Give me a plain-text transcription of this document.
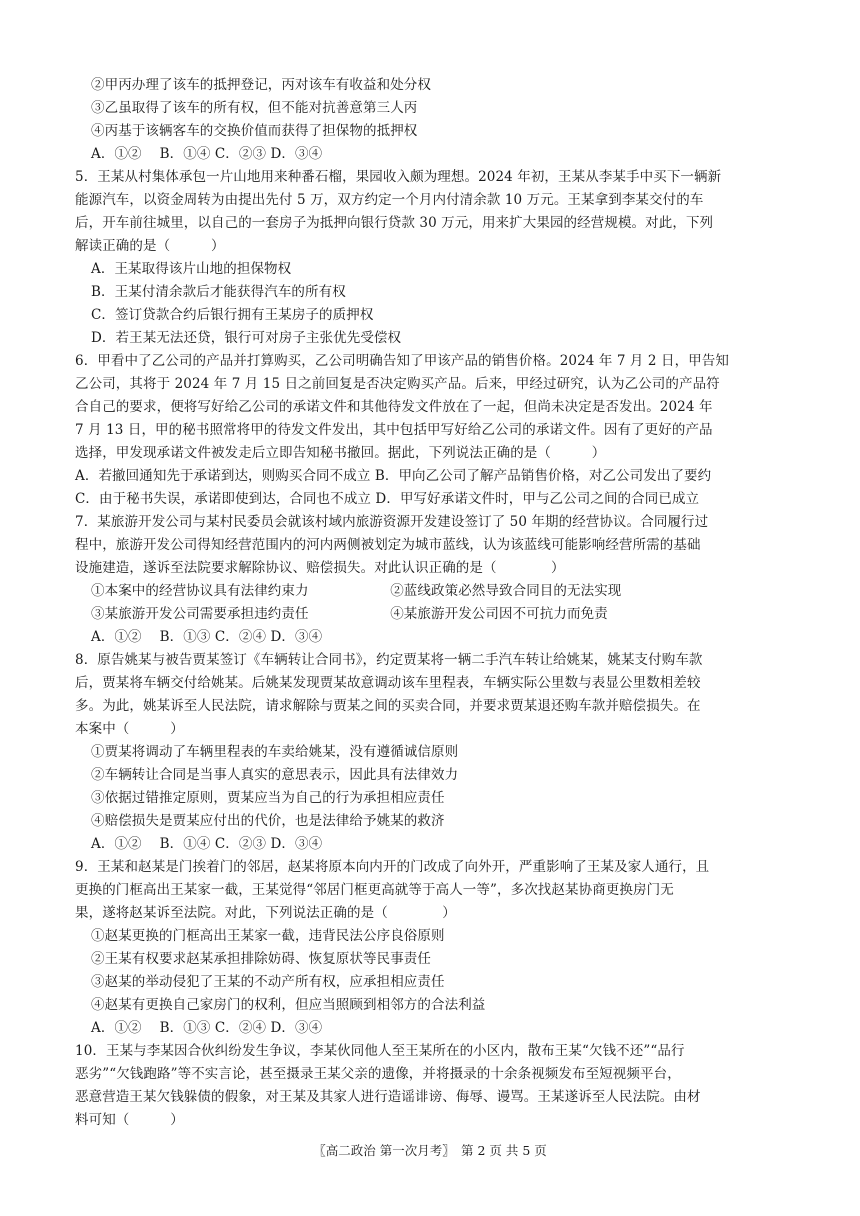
②甲丙办理了该车的抵押登记，丙对该车有收益和处分权
③乙虽取得了该车的所有权，但不能对抗善意第三人丙
④丙基于该辆客车的交换价值而获得了担保物的抵押权
A．①②　 B．①④ C．②③ D．③④
5．王某从村集体承包一片山地用来种番石榴，果园收入颇为理想。2024 年初，王某从李某手中买下一辆新
能源汽车，以资金周转为由提出先付 5 万，双方约定一个月内付清余款 10 万元。王某拿到李某交付的车
后，开车前往城里，以自己的一套房子为抵押向银行贷款 30 万元，用来扩大果园的经营规模。对此，下列
解读正确的是（　　　）
A．王某取得该片山地的担保物权
B．王某付清余款后才能获得汽车的所有权
C．签订贷款合约后银行拥有王某房子的质押权
D．若王某无法还贷，银行可对房子主张优先受偿权
6．甲看中了乙公司的产品并打算购买，乙公司明确告知了甲该产品的销售价格。2024 年 7 月 2 日，甲告知
乙公司，其将于 2024 年 7 月 15 日之前回复是否决定购买产品。后来，甲经过研究，认为乙公司的产品符
合自己的要求，便将写好给乙公司的承诺文件和其他待发文件放在了一起，但尚未决定是否发出。2024 年
7 月 13 日，甲的秘书照常将甲的待发文件发出，其中包括甲写好给乙公司的承诺文件。因有了更好的产品
选择，甲发现承诺文件被发走后立即告知秘书撤回。据此，下列说法正确的是（　　　）
A．若撤回通知先于承诺到达，则购买合同不成立 B．甲向乙公司了解产品销售价格，对乙公司发出了要约
C．由于秘书失误，承诺即使到达，合同也不成立 D．甲写好承诺文件时，甲与乙公司之间的合同已成立
7．某旅游开发公司与某村民委员会就该村域内旅游资源开发建设签订了 50 年期的经营协议。合同履行过
程中，旅游开发公司得知经营范围内的河内两侧被划定为城市蓝线，认为该蓝线可能影响经营所需的基础
设施建造，遂诉至法院要求解除协议、赔偿损失。对此认识正确的是（　　　　）
①本案中的经营协议具有法律约束力　　　　　　②蓝线政策必然导致合同目的无法实现
③某旅游开发公司需要承担违约责任　　　　　　④某旅游开发公司因不可抗力而免责
A．①②　 B．①③ C．②④ D．③④
8．原告姚某与被告贾某签订《车辆转让合同书》，约定贾某将一辆二手汽车转让给姚某，姚某支付购车款
后，贾某将车辆交付给姚某。后姚某发现贾某故意调动该车里程表，车辆实际公里数与表显公里数相差较
多。为此，姚某诉至人民法院，请求解除与贾某之间的买卖合同，并要求贾某退还购车款并赔偿损失。在
本案中（　　　）
①贾某将调动了车辆里程表的车卖给姚某，没有遵循诚信原则
②车辆转让合同是当事人真实的意思表示，因此具有法律效力
③依据过错推定原则，贾某应当为自己的行为承担相应责任
④赔偿损失是贾某应付出的代价，也是法律给予姚某的救济
A．①②　 B．①④ C．②③ D．③④
9．王某和赵某是门挨着门的邻居，赵某将原本向内开的门改成了向外开，严重影响了王某及家人通行，且
更换的门框高出王某家一截，王某觉得“邻居门框更高就等于高人一等”，多次找赵某协商更换房门无
果，遂将赵某诉至法院。对此，下列说法正确的是（　　　　）
①赵某更换的门框高出王某家一截，违背民法公序良俗原则
②王某有权要求赵某承担排除妨碍、恢复原状等民事责任
③赵某的举动侵犯了王某的不动产所有权，应承担相应责任
④赵某有更换自己家房门的权利，但应当照顾到相邻方的合法利益
A．①②　 B．①③ C．②④ D．③④
10．王某与李某因合伙纠纷发生争议，李某伙同他人至王某所在的小区内，散布王某“欠钱不还”“品行
恶劣”“欠钱跑路”等不实言论，甚至摄录王某父亲的遗像，并将摄录的十余条视频发布至短视频平台，
恶意营造王某欠钱躲债的假象，对王某及其家人进行造谣诽谤、侮辱、谩骂。王某遂诉至人民法院。由材
料可知（　　　）
〖高二政治 第一次月考〗　第 2 页 共 5 页
